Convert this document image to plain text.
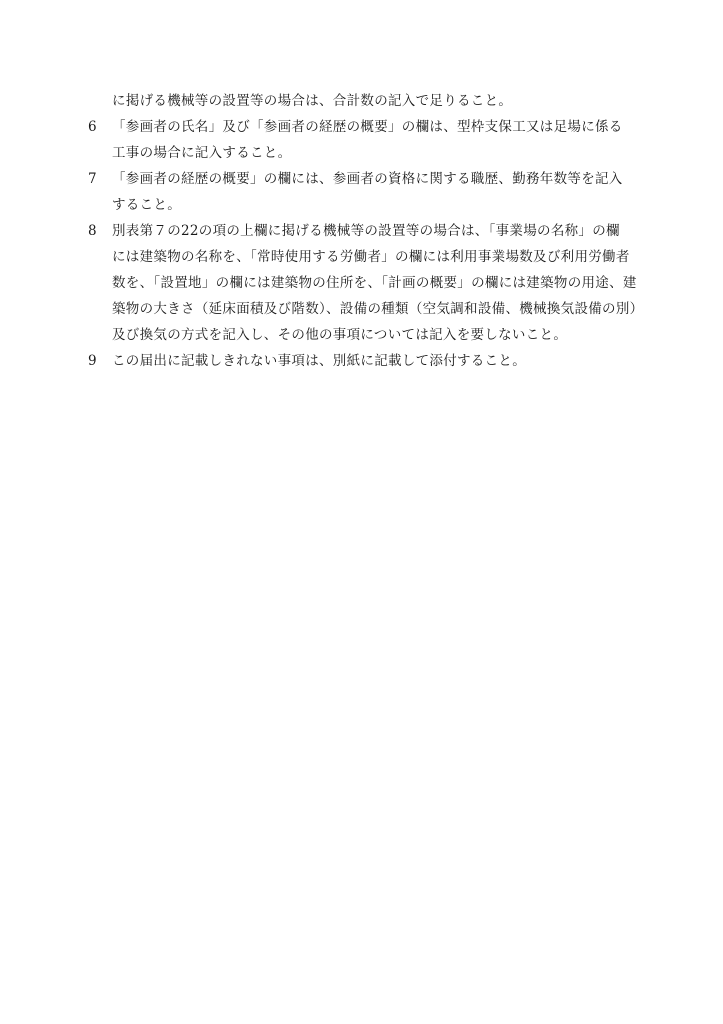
に掲げる機械等の設置等の場合は、合計数の記入で足りること。
6 「参画者の氏名」及び「参画者の経歴の概要」の欄は、型枠支保工又は足場に係る
工事の場合に記入すること。
7 「参画者の経歴の概要」の欄には、参画者の資格に関する職歴、勤務年数等を記入
すること。
8 別表第７の22の項の上欄に掲げる機械等の設置等の場合は、「事業場の名称」の欄
には建築物の名称を、「常時使用する労働者」の欄には利用事業場数及び利用労働者
数を、「設置地」の欄には建築物の住所を、「計画の概要」の欄には建築物の用途、建
築物の大きさ（延床面積及び階数）、設備の種類（空気調和設備、機械換気設備の別）
及び換気の方式を記入し、その他の事項については記入を要しないこと。
9 この届出に記載しきれない事項は、別紙に記載して添付すること。
